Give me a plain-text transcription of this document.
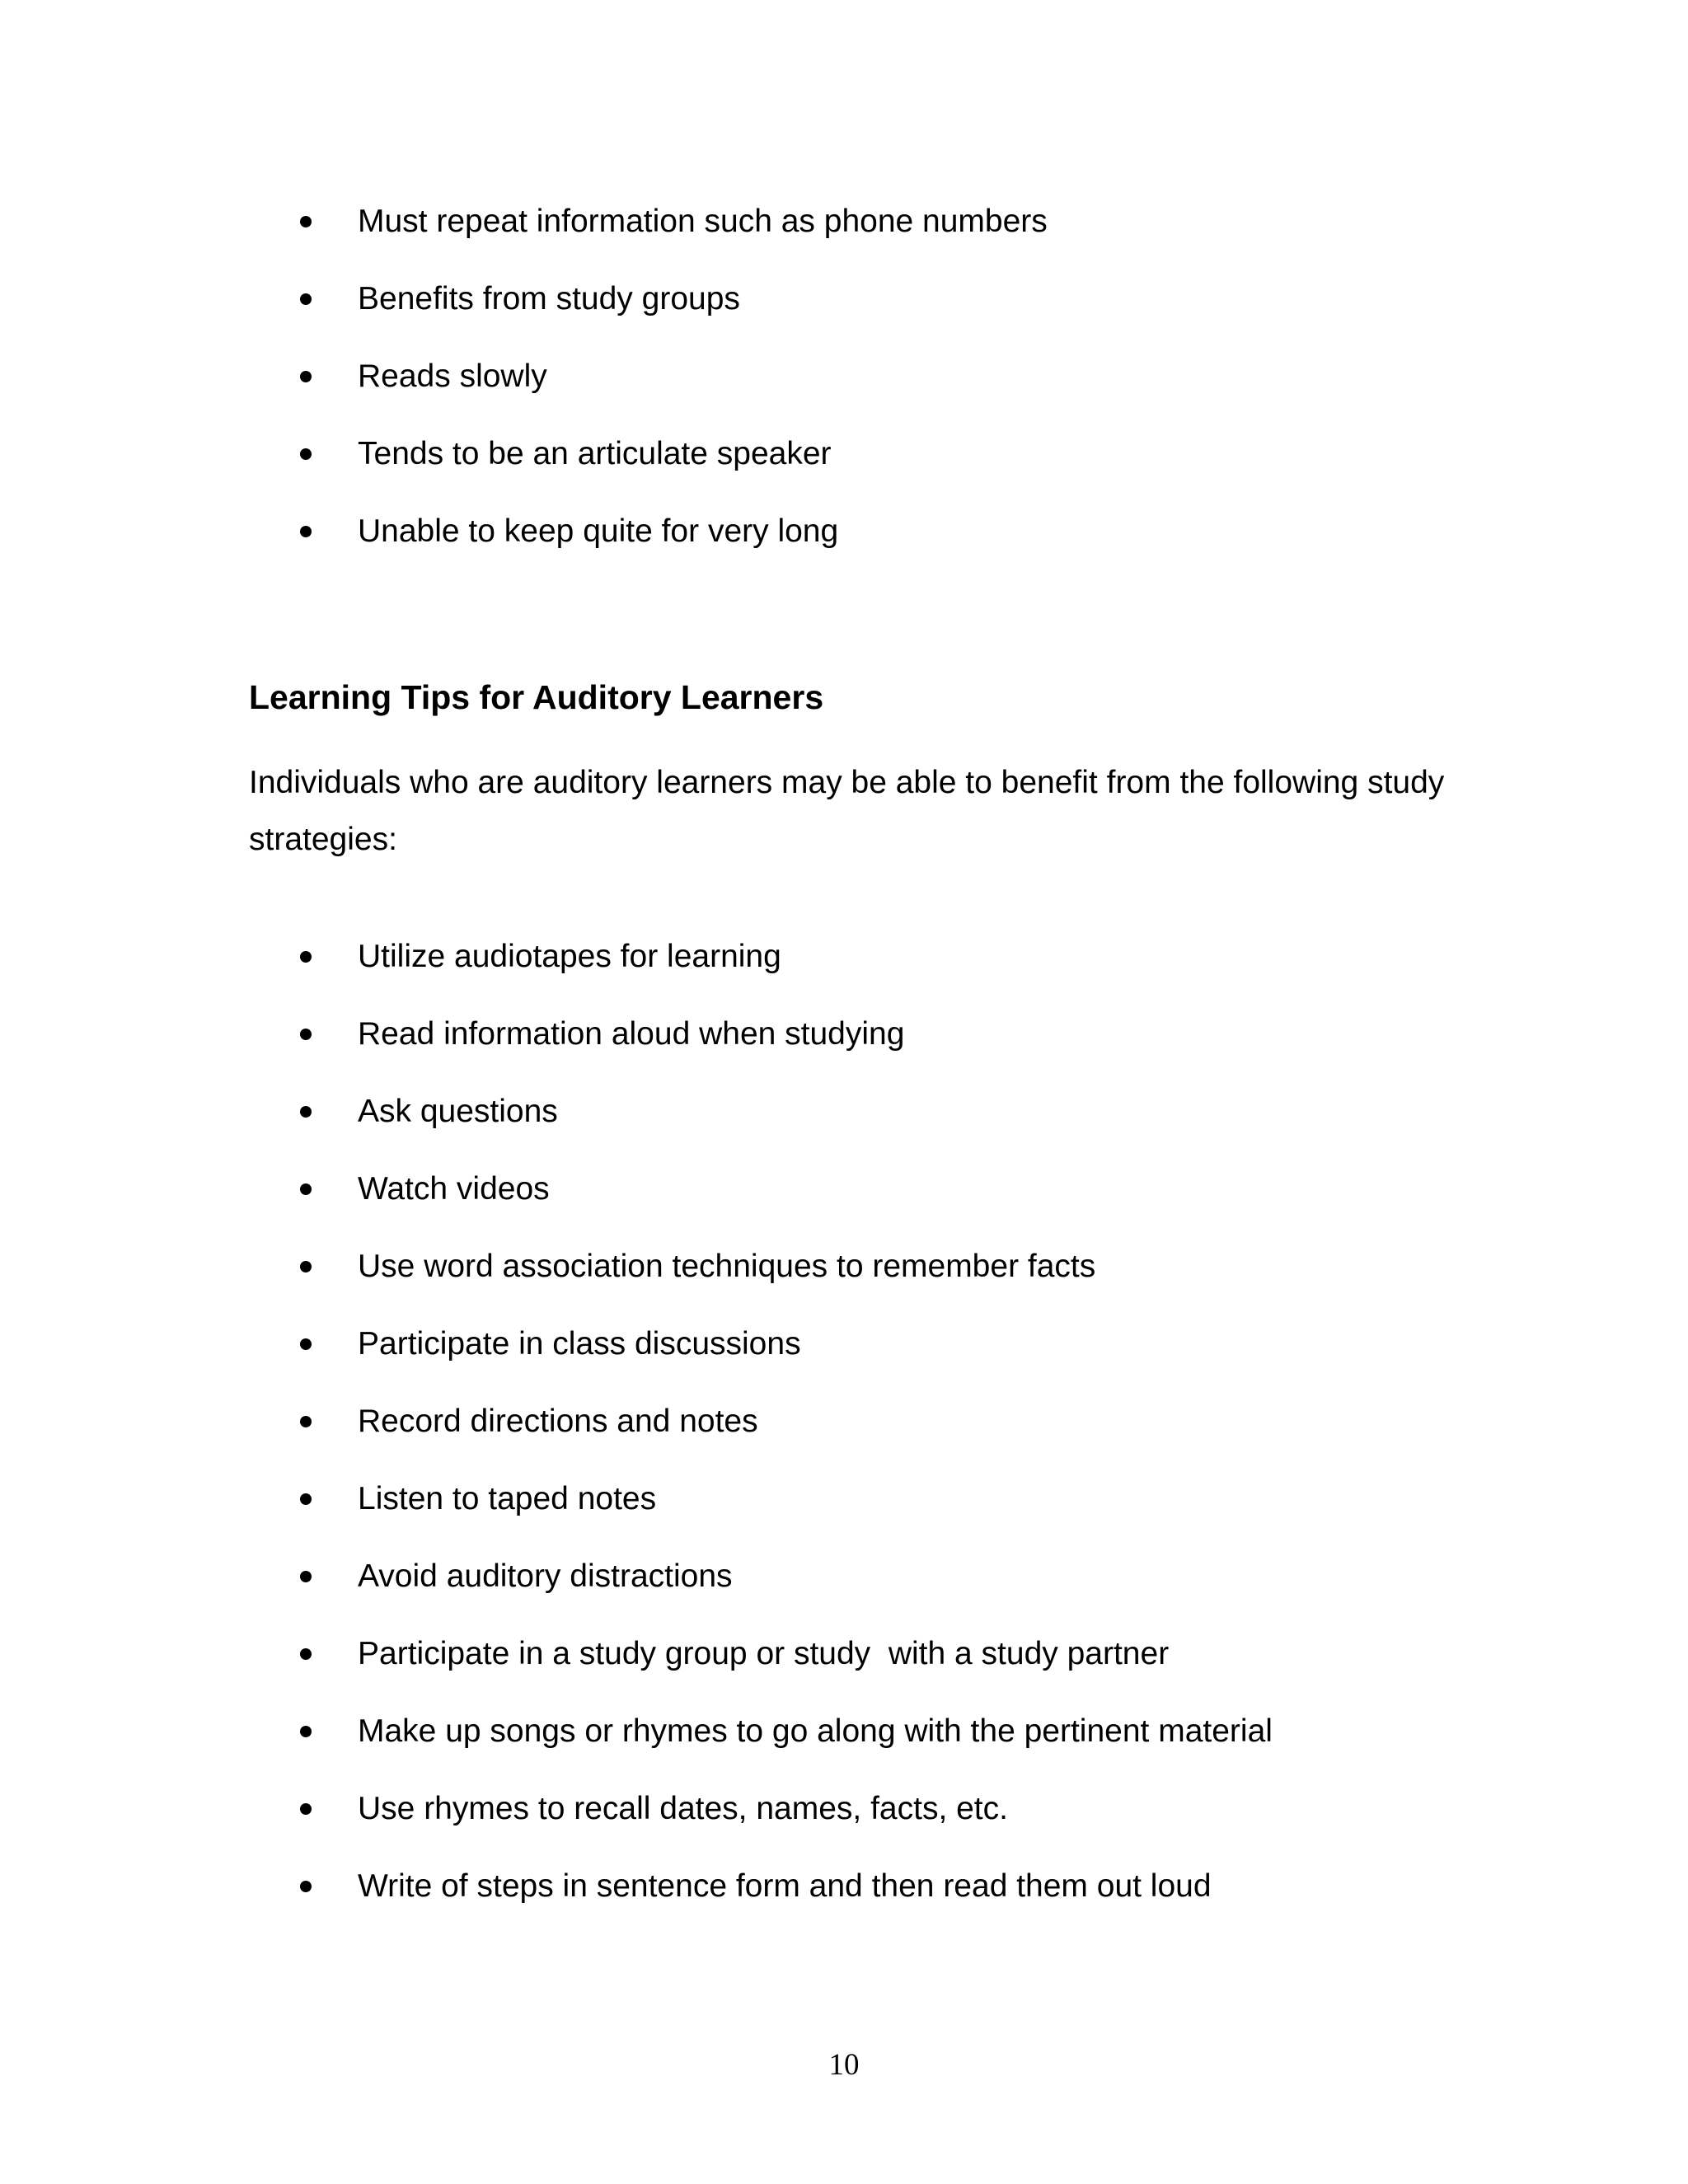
Must repeat information such as phone numbers
Benefits from study groups
Reads slowly
Tends to be an articulate speaker
Unable to keep quite for very long
Learning Tips for Auditory Learners

Individuals who are auditory learners may be able to benefit from the following study strategies:

Utilize audiotapes for learning
Read information aloud when studying
Ask questions
Watch videos
Use word association techniques to remember facts
Participate in class discussions
Record directions and notes
Listen to taped notes
Avoid auditory distractions
Participate in a study group or study  with a study partner
Make up songs or rhymes to go along with the pertinent material
Use rhymes to recall dates, names, facts, etc.
Write of steps in sentence form and then read them out loud
10
